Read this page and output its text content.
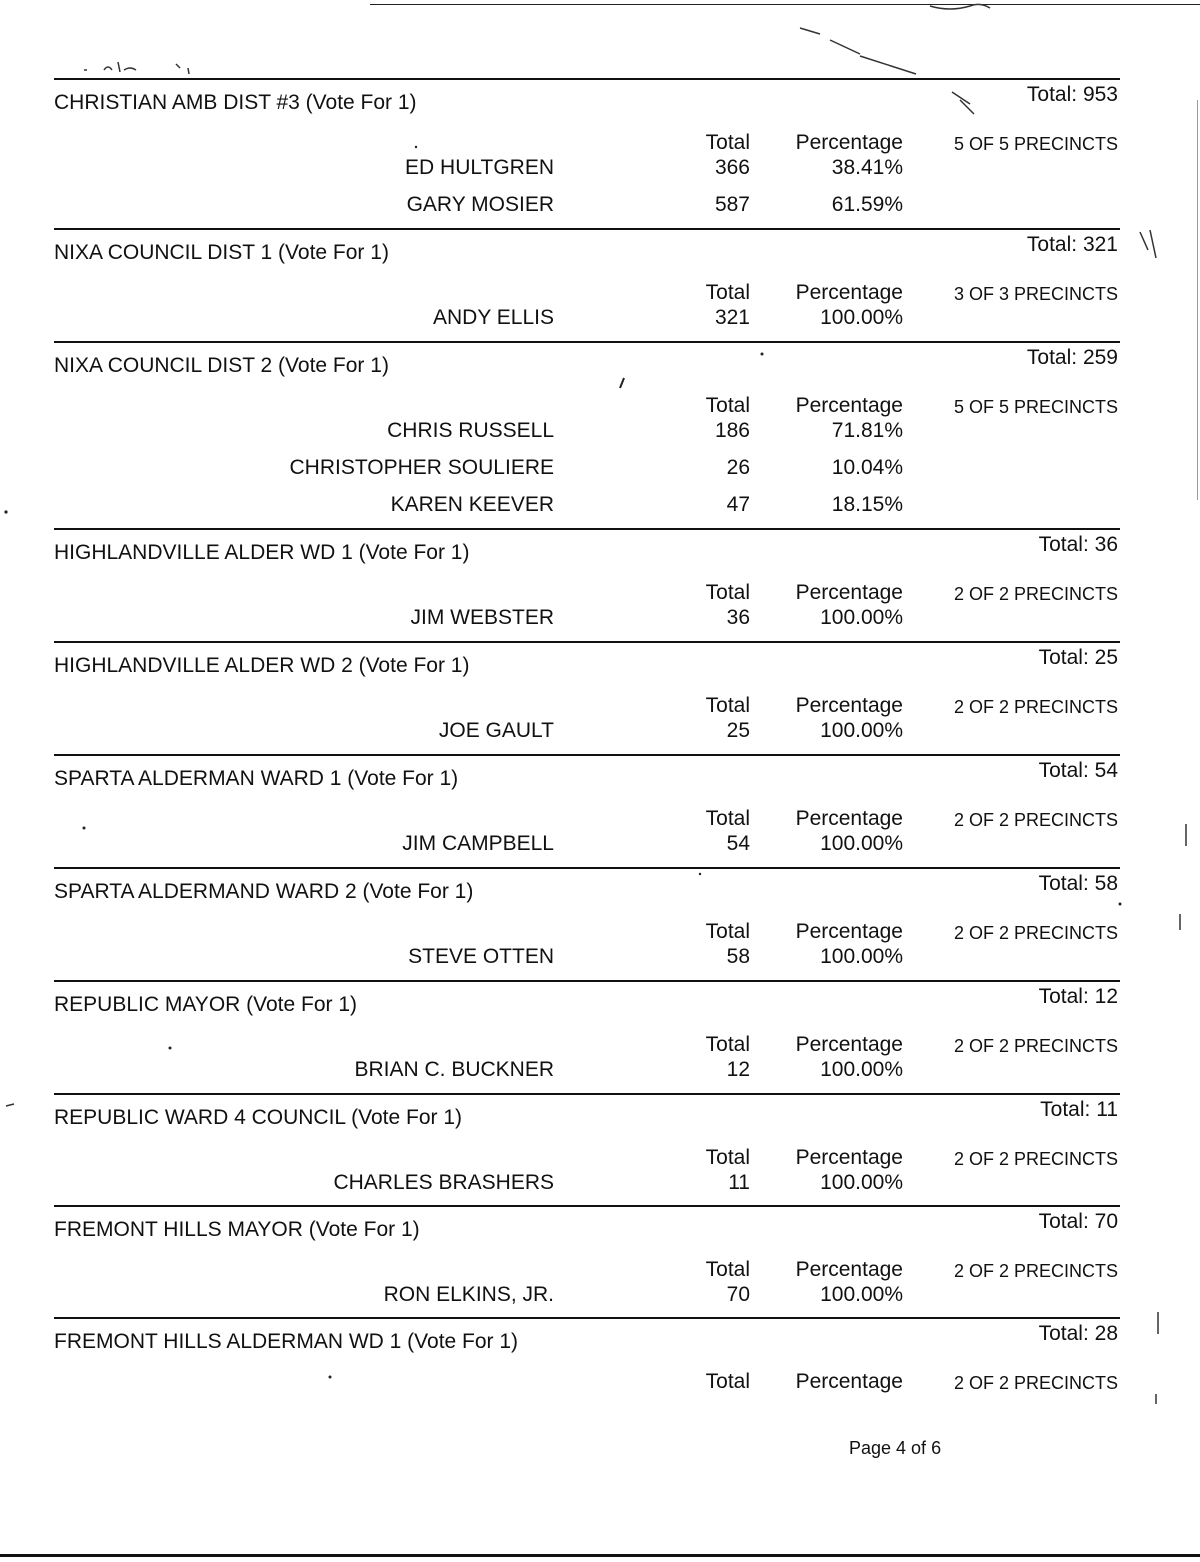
CHRISTIAN AMB DIST #3 (Vote For 1)	Total: 953
Total	Percentage	5 OF 5 PRECINCTS
ED HULTGREN	366	38.41%
GARY MOSIER	587	61.59%
NIXA COUNCIL DIST 1 (Vote For 1)	Total: 321
Total	Percentage	3 OF 3 PRECINCTS
ANDY ELLIS	321	100.00%
NIXA COUNCIL DIST 2 (Vote For 1)	Total: 259
Total	Percentage	5 OF 5 PRECINCTS
CHRIS RUSSELL	186	71.81%
CHRISTOPHER SOULIERE	26	10.04%
KAREN KEEVER	47	18.15%
HIGHLANDVILLE ALDER WD 1 (Vote For 1)	Total: 36
Total	Percentage	2 OF 2 PRECINCTS
JIM WEBSTER	36	100.00%
HIGHLANDVILLE ALDER WD 2 (Vote For 1)	Total: 25
Total	Percentage	2 OF 2 PRECINCTS
JOE GAULT	25	100.00%
SPARTA ALDERMAN WARD 1 (Vote For 1)	Total: 54
Total	Percentage	2 OF 2 PRECINCTS
JIM CAMPBELL	54	100.00%
SPARTA ALDERMAND WARD 2 (Vote For 1)	Total: 58
Total	Percentage	2 OF 2 PRECINCTS
STEVE OTTEN	58	100.00%
REPUBLIC MAYOR (Vote For 1)	Total: 12
Total	Percentage	2 OF 2 PRECINCTS
BRIAN C. BUCKNER	12	100.00%
REPUBLIC WARD 4 COUNCIL (Vote For 1)	Total: 11
Total	Percentage	2 OF 2 PRECINCTS
CHARLES BRASHERS	11	100.00%
FREMONT HILLS MAYOR (Vote For 1)	Total: 70
Total	Percentage	2 OF 2 PRECINCTS
RON ELKINS, JR.	70	100.00%
FREMONT HILLS ALDERMAN WD 1 (Vote For 1)	Total: 28
Total	Percentage	2 OF 2 PRECINCTS
Page 4 of 6
